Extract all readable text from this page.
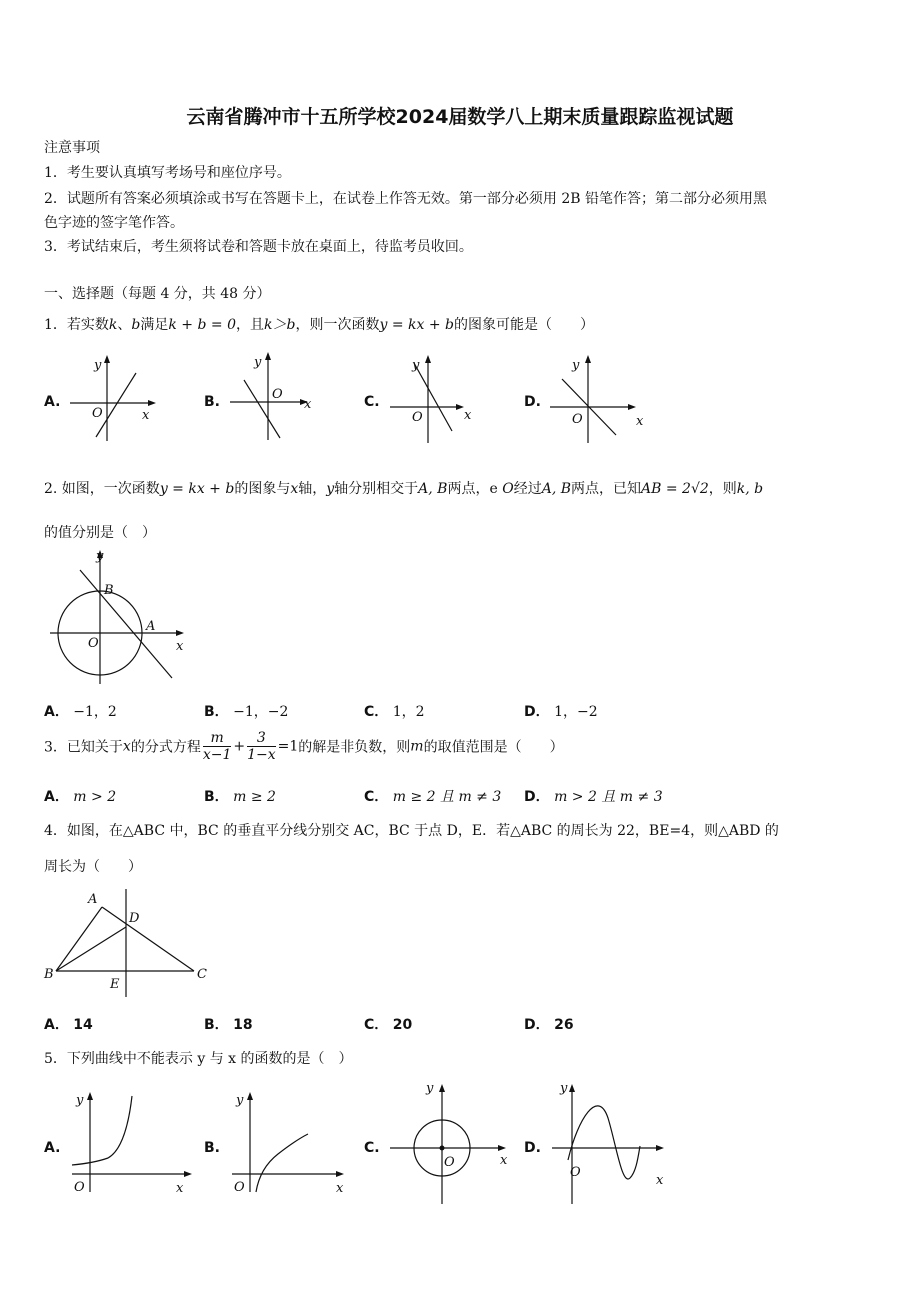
云南省腾冲市十五所学校2024届数学八上期末质量跟踪监视试题
注意事项
1．考生要认真填写考场号和座位序号。
2．试题所有答案必须填涂或书写在答题卡上，在试卷上作答无效。第一部分必须用 2B 铅笔作答；第二部分必须用黑
色字迹的签字笔作答。
3．考试结束后，考生须将试卷和答题卡放在桌面上，待监考员收回。
一、选择题（每题 4 分，共 48 分）
1．若实数k、b满足k + b = 0，且k＞b，则一次函数y = kx + b的图象可能是（　　）
A.	B.	C.	D.
y
O	x
y
O
x
y
O	x
y
O	x
2. 如图，一次函数y = kx + b的图象与x轴，y轴分别相交于A, B两点，e O经过A, B两点，已知AB = 2√2，则k, b
的值分别是（　）
y
B
A
O	x
A． −1，2	B． −1，−2	C． 1，2	D． 1，−2
3．已知关于x的分式方程 $\frac{m}{x-1} + \frac{3}{1-x} =1$的解是非负数，则m的取值范围是（　　）
A． m > 2	B． m ≥ 2	C． m ≥ 2 且 m ≠ 3 D． m > 2 且 m ≠ 3
4．如图，在△ABC 中，BC 的垂直平分线分别交 AC，BC 于点 D，E．若△ABC 的周长为 22，BE=4，则△ABD 的
周长为（　　）
A
D
B	C
E
A． 14	B． 18	C． 20	D． 26
5．下列曲线中不能表示 y 与 x 的函数的是（　）
A.	B.	C.	D.
y
O	x
y
O	x
y
O	x
y
O
x
